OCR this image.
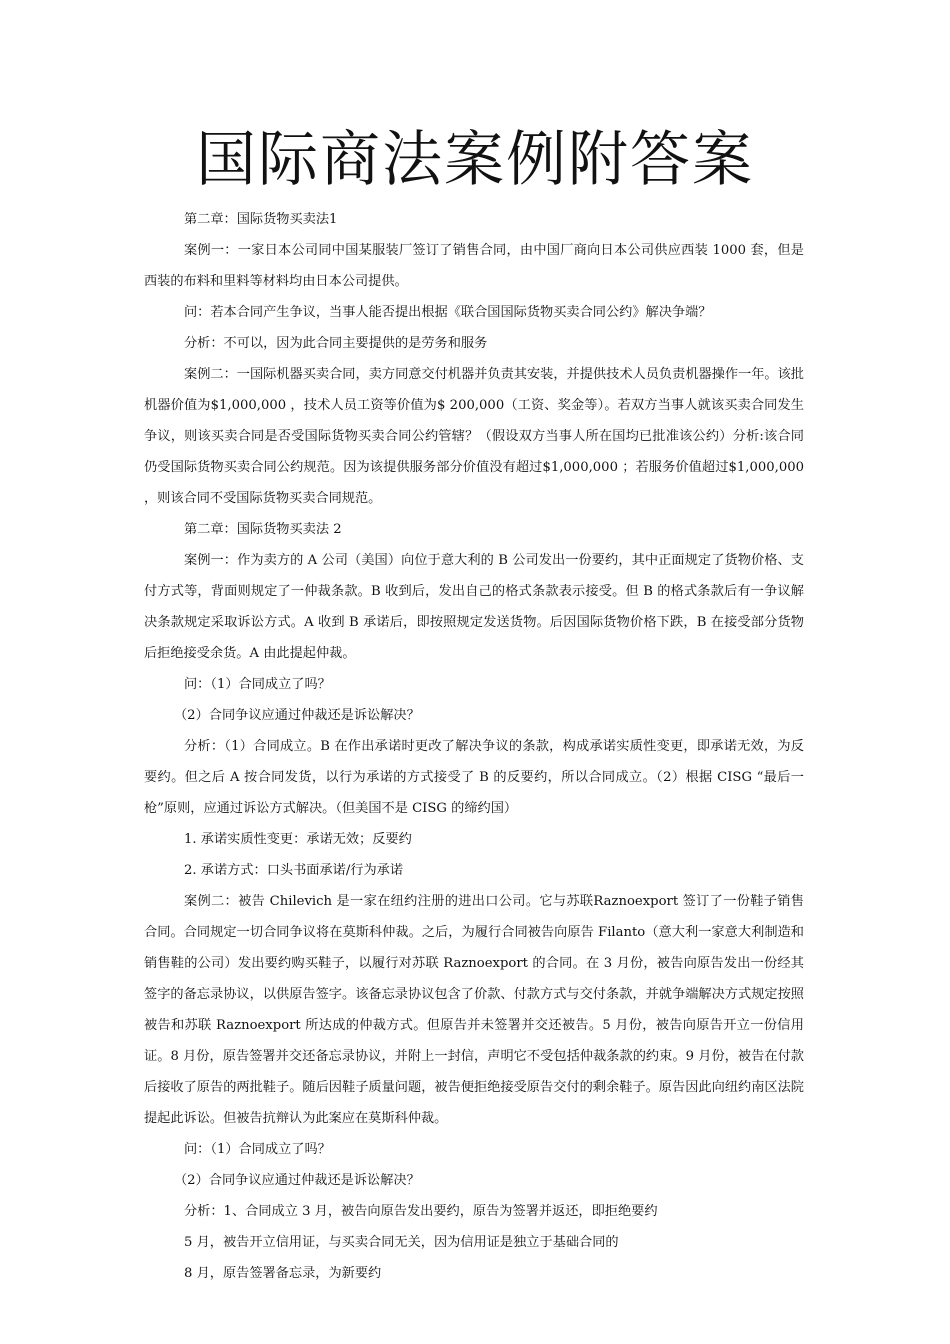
国际商法案例附答案

第二章：国际货物买卖法1

案例一：一家日本公司同中国某服装厂签订了销售合同，由中国厂商向日本公司供应西装 1000 套，但是西装的布料和里料等材料均由日本公司提供。

问：若本合同产生争议，当事人能否提出根据《联合国国际货物买卖合同公约》解决争端？

分析：不可以，因为此合同主要提供的是劳务和服务

案例二：一国际机器买卖合同，卖方同意交付机器并负责其安装，并提供技术人员负责机器操作一年。该批机器价值为$1,000,000 ，技术人员工资等价值为$ 200,000（工资、奖金等）。若双方当事人就该买卖合同发生争议，则该买卖合同是否受国际货物买卖合同公约管辖？（假设双方当事人所在国均已批准该公约）分析:该合同仍受国际货物买卖合同公约规范。因为该提供服务部分价值没有超过$1,000,000 ；若服务价值超过$1,000,000 ，则该合同不受国际货物买卖合同规范。

第二章：国际货物买卖法 2

案例一：作为卖方的 A 公司（美国）向位于意大利的 B 公司发出一份要约，其中正面规定了货物价格、支付方式等，背面则规定了一仲裁条款。B 收到后，发出自己的格式条款表示接受。但 B 的格式条款后有一争议解决条款规定采取诉讼方式。A 收到 B 承诺后，即按照规定发送货物。后因国际货物价格下跌，B 在接受部分货物后拒绝接受余货。A 由此提起仲裁。

问：（1）合同成立了吗？

（2）合同争议应通过仲裁还是诉讼解决？

分析：（1）合同成立。B 在作出承诺时更改了解决争议的条款，构成承诺实质性变更，即承诺无效，为反要约。但之后 A 按合同发货，以行为承诺的方式接受了 B 的反要约，所以合同成立。（2）根据 CISG “最后一枪”原则，应通过诉讼方式解决。（但美国不是 CISG 的缔约国）

1. 承诺实质性变更：承诺无效；反要约

2. 承诺方式：口头书面承诺/行为承诺

案例二：被告 Chilevich 是一家在纽约注册的进出口公司。它与苏联Raznoexport 签订了一份鞋子销售合同。合同规定一切合同争议将在莫斯科仲裁。之后，为履行合同被告向原告 Filanto（意大利一家意大利制造和销售鞋的公司）发出要约购买鞋子，以履行对苏联 Raznoexport 的合同。在 3 月份，被告向原告发出一份经其签字的备忘录协议，以供原告签字。该备忘录协议包含了价款、付款方式与交付条款，并就争端解决方式规定按照被告和苏联 Raznoexport 所达成的仲裁方式。但原告并未签署并交还被告。5 月份，被告向原告开立一份信用证。8 月份，原告签署并交还备忘录协议，并附上一封信，声明它不受包括仲裁条款的约束。9 月份，被告在付款后接收了原告的两批鞋子。随后因鞋子质量问题，被告便拒绝接受原告交付的剩余鞋子。原告因此向纽约南区法院提起此诉讼。但被告抗辩认为此案应在莫斯科仲裁。

问：（1）合同成立了吗？

（2）合同争议应通过仲裁还是诉讼解决？

分析：1、合同成立 3 月，被告向原告发出要约，原告为签署并返还，即拒绝要约

5 月，被告开立信用证，与买卖合同无关，因为信用证是独立于基础合同的

8 月，原告签署备忘录，为新要约
